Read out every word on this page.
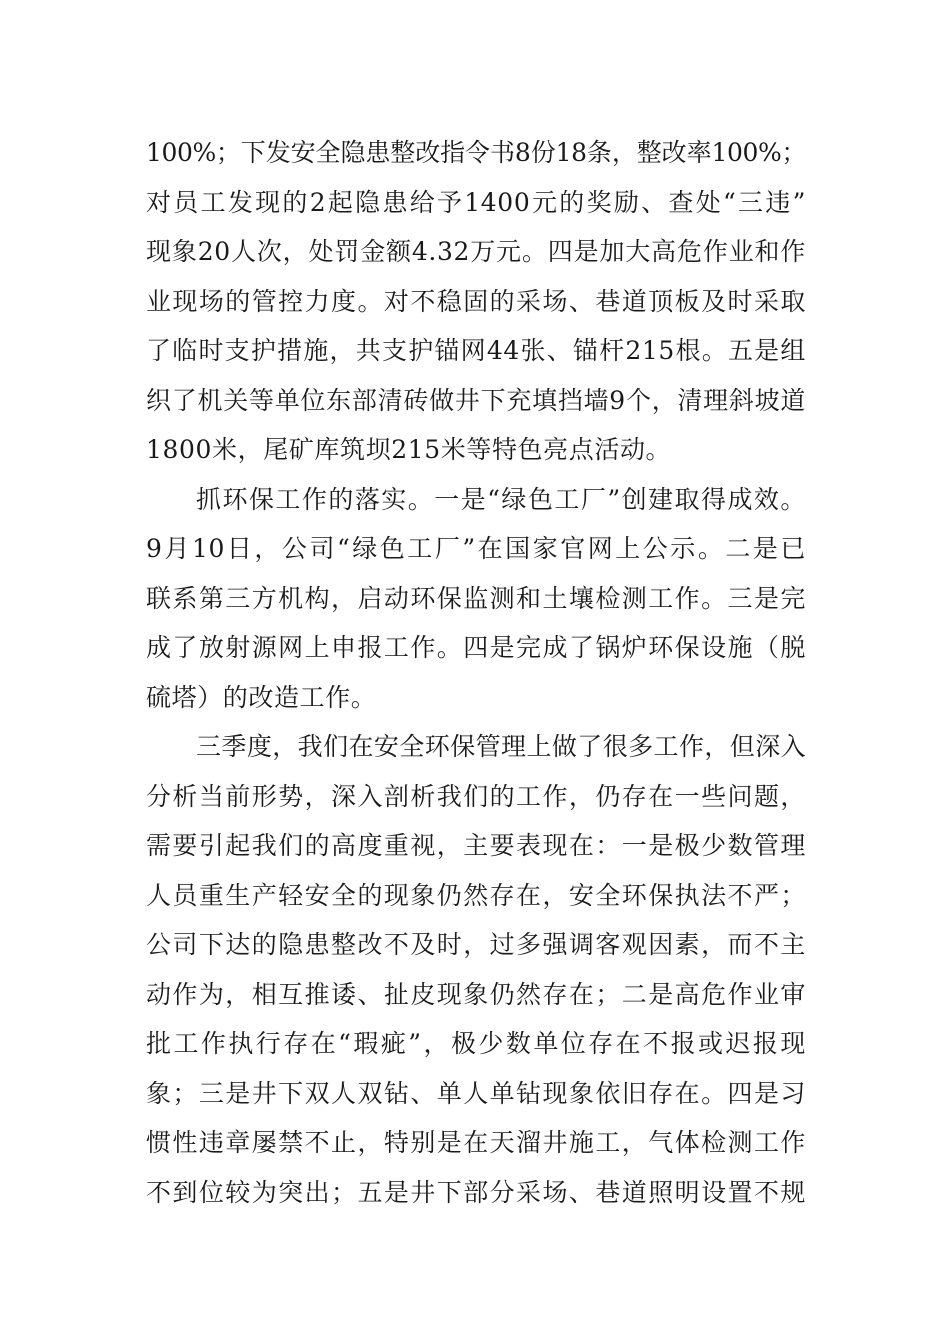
100%；下发安全隐患整改指令书8份18条，整改率100%；
对员工发现的2起隐患给予1400元的奖励、查处“三违”
现象20人次，处罚金额4.32万元。四是加大高危作业和作
业现场的管控力度。对不稳固的采场、巷道顶板及时采取
了临时支护措施，共支护锚网44张、锚杆215根。五是组
织了机关等单位东部清砖做井下充填挡墙9个，清理斜坡道
1800米，尾矿库筑坝215米等特色亮点活动。
抓环保工作的落实。一是“绿色工厂”创建取得成效。
9月10日，公司“绿色工厂”在国家官网上公示。二是已
联系第三方机构，启动环保监测和土壤检测工作。三是完
成了放射源网上申报工作。四是完成了锅炉环保设施（脱
硫塔）的改造工作。
三季度，我们在安全环保管理上做了很多工作，但深入
分析当前形势，深入剖析我们的工作，仍存在一些问题，
需要引起我们的高度重视，主要表现在：一是极少数管理
人员重生产轻安全的现象仍然存在，安全环保执法不严；
公司下达的隐患整改不及时，过多强调客观因素，而不主
动作为，相互推诿、扯皮现象仍然存在；二是高危作业审
批工作执行存在“瑕疵”，极少数单位存在不报或迟报现
象；三是井下双人双钻、单人单钻现象依旧存在。四是习
惯性违章屡禁不止，特别是在天溜井施工，气体检测工作
不到位较为突出；五是井下部分采场、巷道照明设置不规
